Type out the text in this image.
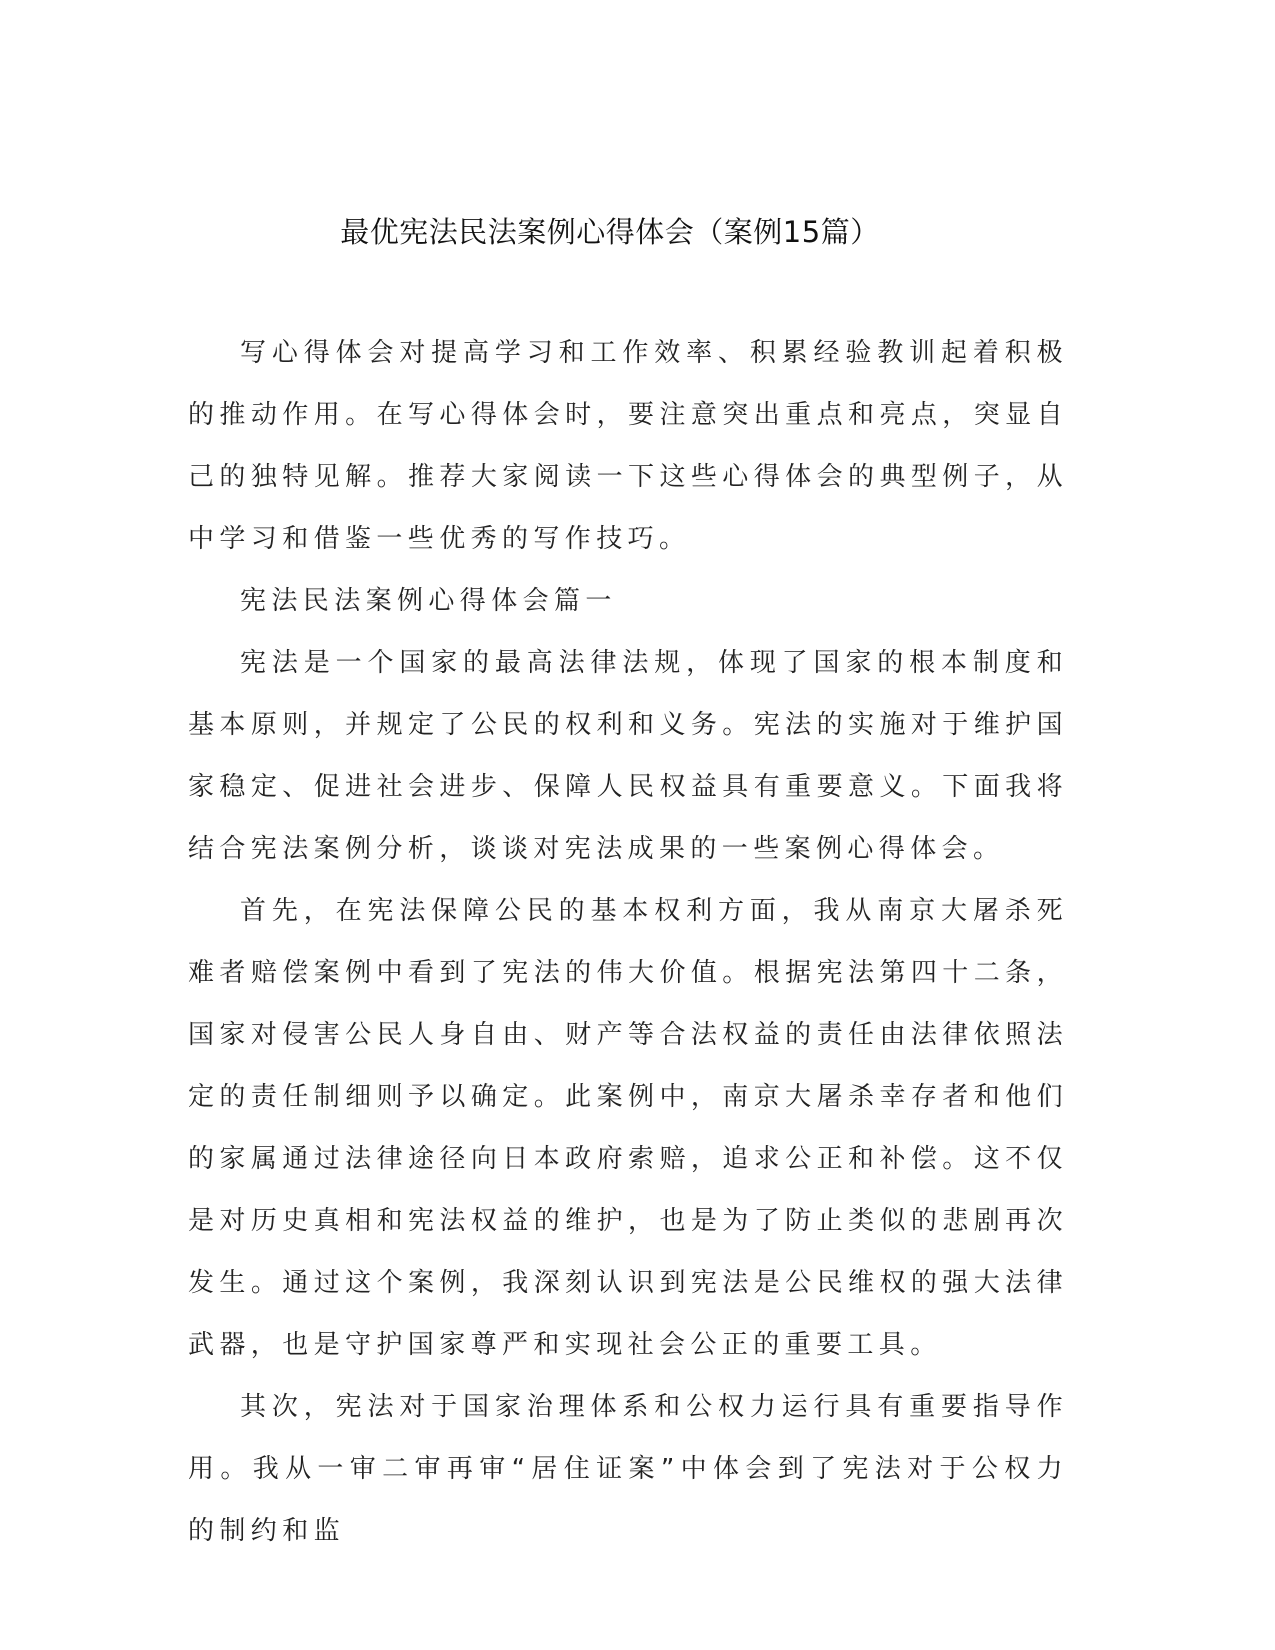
最优宪法民法案例心得体会（案例15篇）

写心得体会对提高学习和工作效率、积累经验教训起着积极的推动作用。在写心得体会时，要注意突出重点和亮点，突显自己的独特见解。推荐大家阅读一下这些心得体会的典型例子，从中学习和借鉴一些优秀的写作技巧。

宪法民法案例心得体会篇一

宪法是一个国家的最高法律法规，体现了国家的根本制度和基本原则，并规定了公民的权利和义务。宪法的实施对于维护国家稳定、促进社会进步、保障人民权益具有重要意义。下面我将结合宪法案例分析，谈谈对宪法成果的一些案例心得体会。

首先，在宪法保障公民的基本权利方面，我从南京大屠杀死难者赔偿案例中看到了宪法的伟大价值。根据宪法第四十二条，国家对侵害公民人身自由、财产等合法权益的责任由法律依照法定的责任制细则予以确定。此案例中，南京大屠杀幸存者和他们的家属通过法律途径向日本政府索赔，追求公正和补偿。这不仅是对历史真相和宪法权益的维护，也是为了防止类似的悲剧再次发生。通过这个案例，我深刻认识到宪法是公民维权的强大法律武器，也是守护国家尊严和实现社会公正的重要工具。

其次，宪法对于国家治理体系和公权力运行具有重要指导作用。我从一审二审再审“居住证案”中体会到了宪法对于公权力的制约和监
